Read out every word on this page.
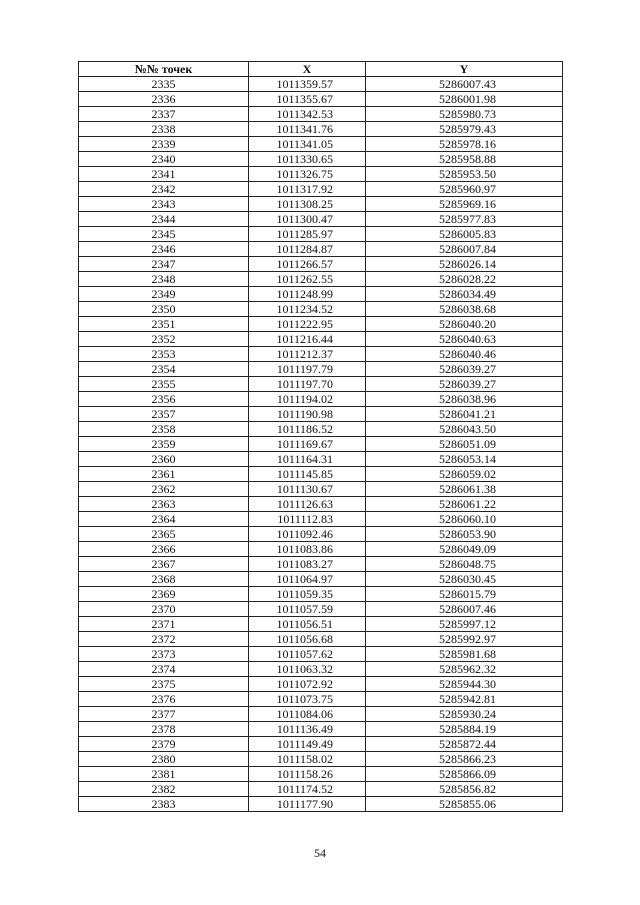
№№ точек	X	Y
2335	1011359.57	5286007.43
2336	1011355.67	5286001.98
2337	1011342.53	5285980.73
2338	1011341.76	5285979.43
2339	1011341.05	5285978.16
2340	1011330.65	5285958.88
2341	1011326.75	5285953.50
2342	1011317.92	5285960.97
2343	1011308.25	5285969.16
2344	1011300.47	5285977.83
2345	1011285.97	5286005.83
2346	1011284.87	5286007.84
2347	1011266.57	5286026.14
2348	1011262.55	5286028.22
2349	1011248.99	5286034.49
2350	1011234.52	5286038.68
2351	1011222.95	5286040.20
2352	1011216.44	5286040.63
2353	1011212.37	5286040.46
2354	1011197.79	5286039.27
2355	1011197.70	5286039.27
2356	1011194.02	5286038.96
2357	1011190.98	5286041.21
2358	1011186.52	5286043.50
2359	1011169.67	5286051.09
2360	1011164.31	5286053.14
2361	1011145.85	5286059.02
2362	1011130.67	5286061.38
2363	1011126.63	5286061.22
2364	1011112.83	5286060.10
2365	1011092.46	5286053.90
2366	1011083.86	5286049.09
2367	1011083.27	5286048.75
2368	1011064.97	5286030.45
2369	1011059.35	5286015.79
2370	1011057.59	5286007.46
2371	1011056.51	5285997.12
2372	1011056.68	5285992.97
2373	1011057.62	5285981.68
2374	1011063.32	5285962.32
2375	1011072.92	5285944.30
2376	1011073.75	5285942.81
2377	1011084.06	5285930.24
2378	1011136.49	5285884.19
2379	1011149.49	5285872.44
2380	1011158.02	5285866.23
2381	1011158.26	5285866.09
2382	1011174.52	5285856.82
2383	1011177.90	5285855.06
54
